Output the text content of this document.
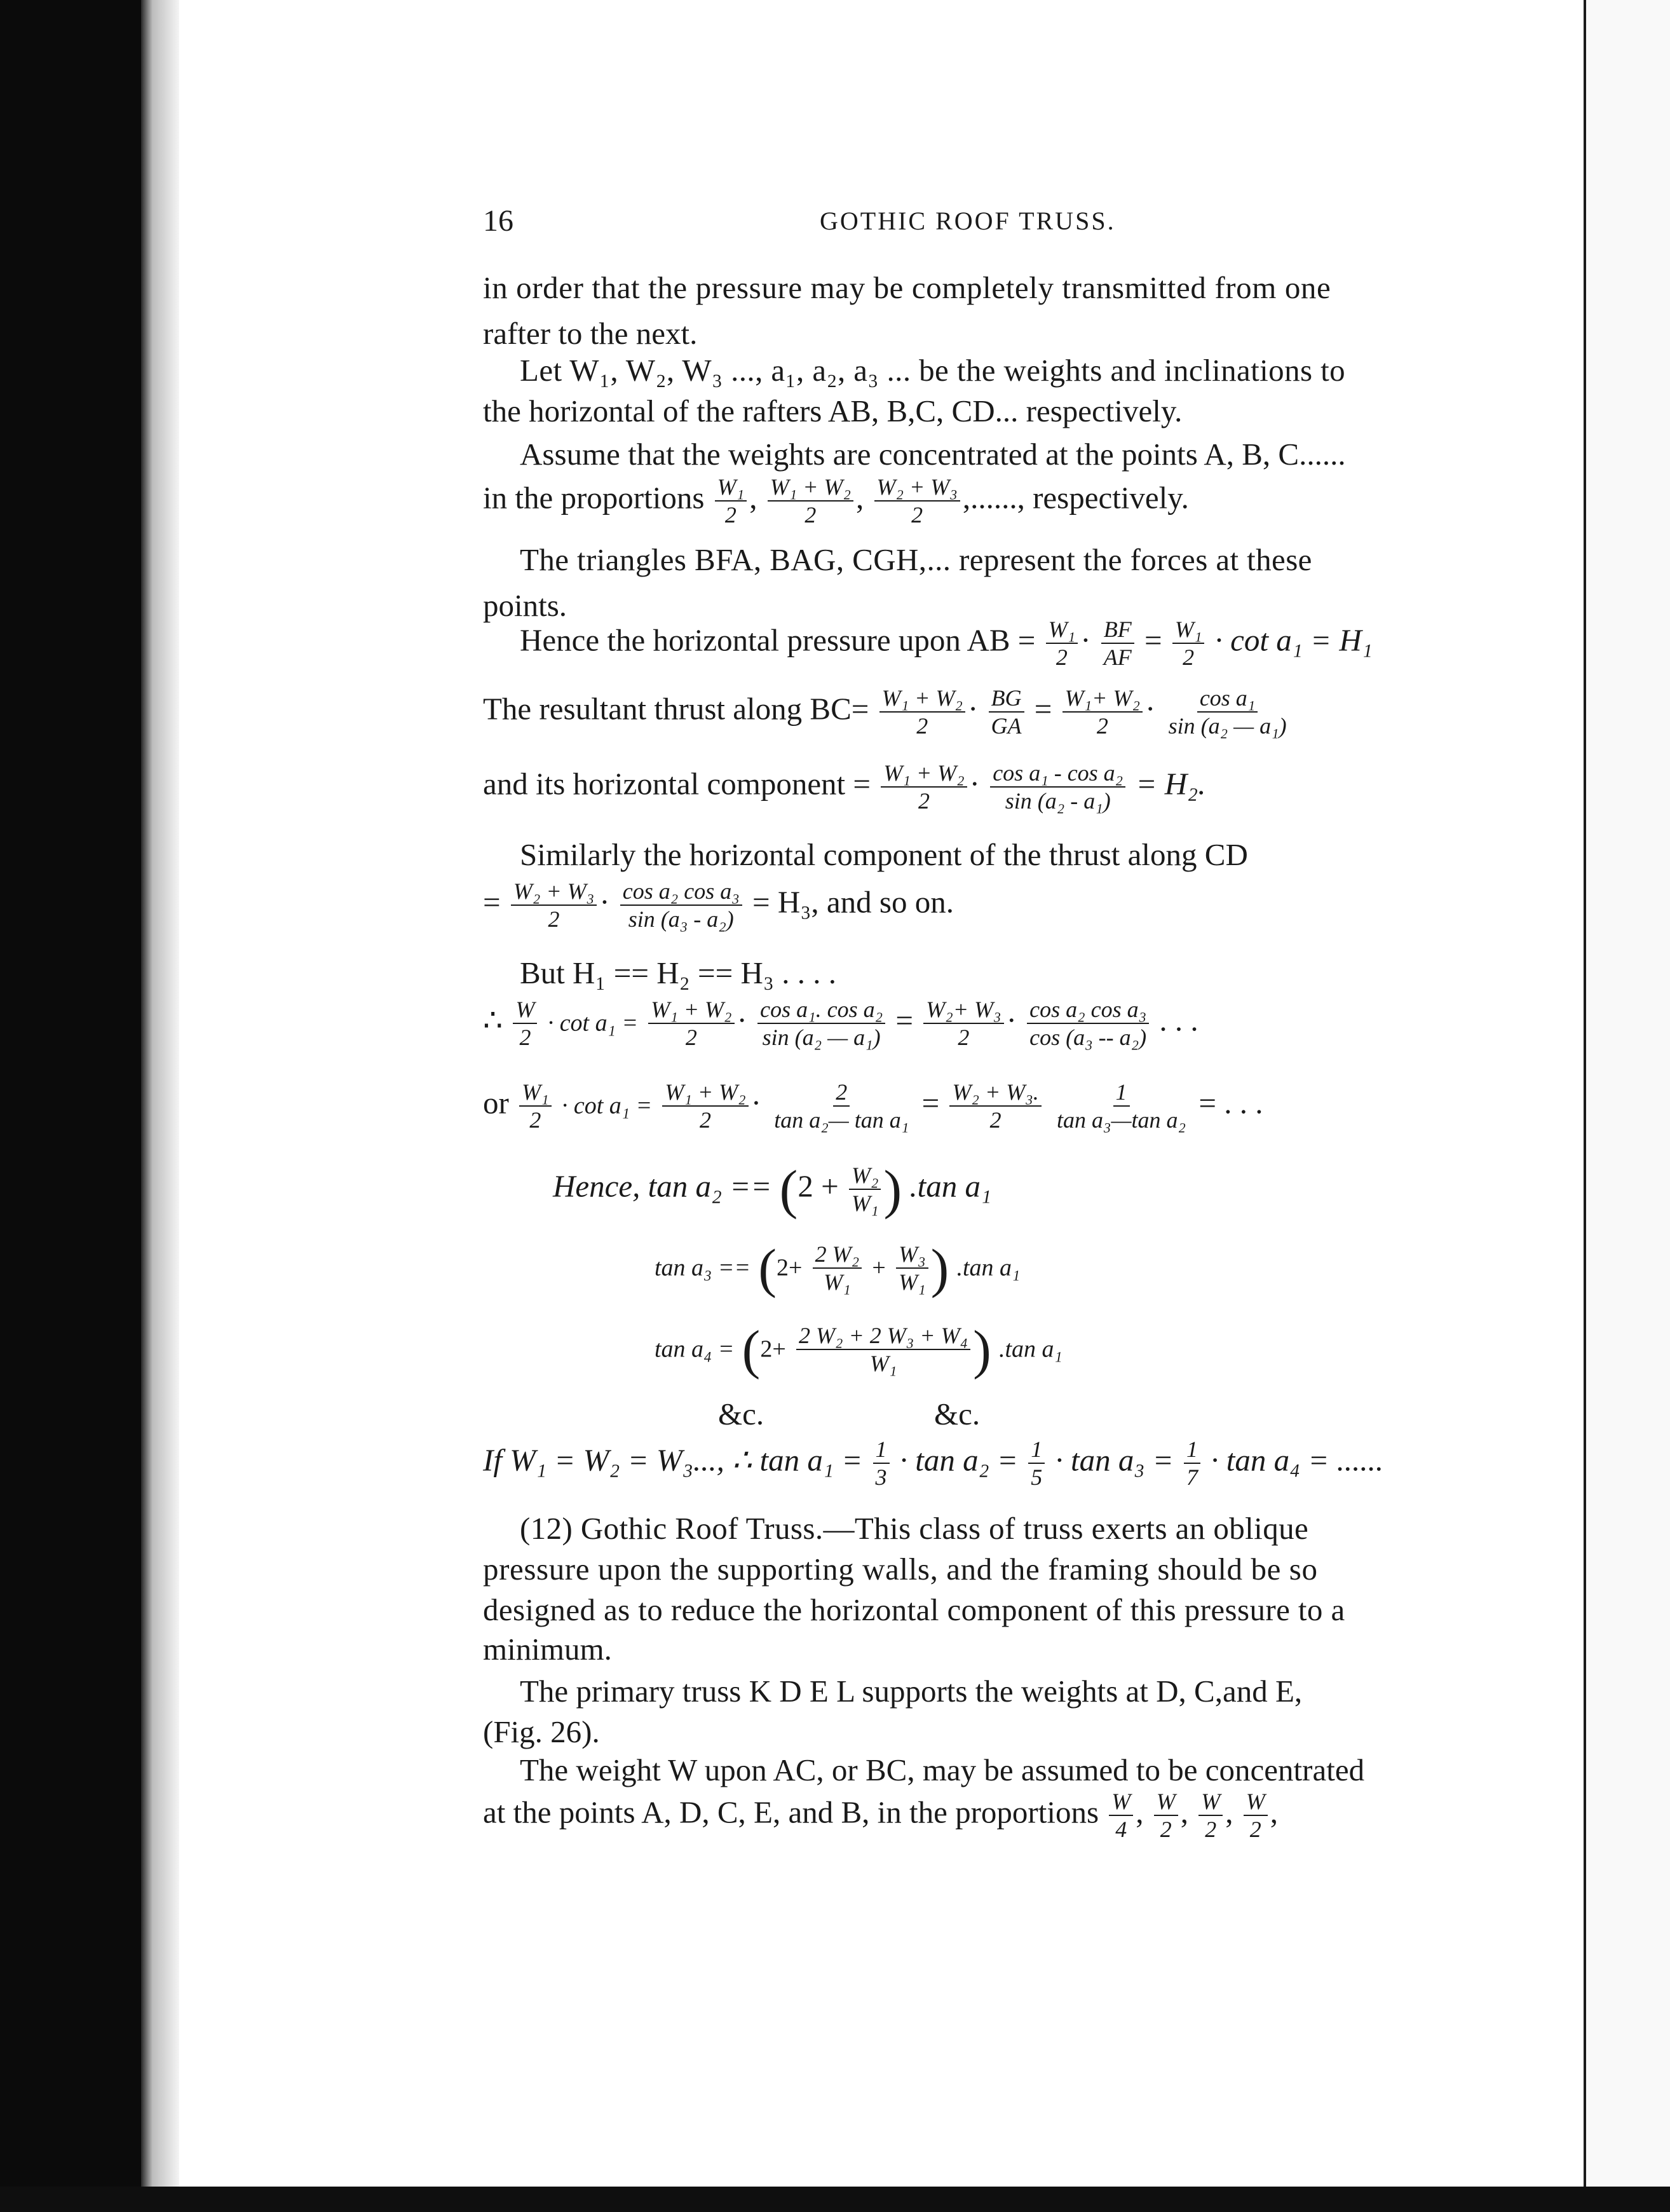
16	GOTHIC ROOF TRUSS.
in order that the pressure may be completely transmitted from one
rafter to the next.
Let W₁, W₂, W₃ ..., a₁, a₂, a₃ ... be the weights and inclinations to
the horizontal of the rafters AB, B,C, CD... respectively.
Assume that the weights are concentrated at the points A, B, C......
in the proportions $\frac{\text{W₁}}{2}$ , $\frac{\text{W₁ + W₂}}{2}$ , $\frac{\text{W₂ + W₃}}{2}$ ,......, respectively.
The triangles BFA, BAG, CGH,... represent the forces at these
points.
Hence the horizontal pressure upon AB = $\frac{\text{W₁}}{2} \cdot \frac{BF}{AF} = \frac{\text{W₁}}{2} \cdot \cot a_1 = H_1$
The resultant thrust along $BC= \frac{\text{W₁ + W₂}}{2} \cdot \frac{BG}{GA} = \frac{\text{W₁+ W₂}}{2} \cdot \frac{\text{cos a₁}}{\text{sin (a₂ — a₁)}}$
and its horizontal component = $\frac{\text{W₁ + W₂}}{2} \cdot \frac{\text{cos a₁ - cos a₂}}{\text{sin (a₂ - a₁)}} = H_2$.
Similarly the horizontal component of the thrust along CD
= $\frac{\text{W₂ + W₃}}{2} \cdot \frac{\text{cos a₂ cos a₃}}{\text{sin (a₃ - a₂)}} = H_3$, and so on.
But H₁ == H₂ == H₃ . . . .
∴ $\frac{W}{2} \cdot \cot a_1 = \frac{\text{W₁ + W₂}}{2} \cdot \frac{\text{cos a₁. cos a₂}}{\text{sin (a₂ — a₁)}} = \frac{\text{W₂+ W₃}}{2} \cdot \frac{\text{cos a₂ cos a₃}}{\text{cos (a₃ -- a₂)}}$ . . .
or $\frac{\text{W₁}}{2} \cdot \cot a_1 = \frac{\text{W₁ + W₂}}{2} \cdot \frac{2}{\text{tan a₂— tan a₁}} = \frac{\text{W₂ + W₃.}}{2}$
$\frac{1}{\text{tan a₃—tan a₂}}$ = . . .
Hence, $\tan a_2 == (2 + \frac{\text{W₂}}{\text{W₁}}$ ) .tan a₁
$\tan a_3 == (2+ \frac{\text{2 W₂}}{\text{W₁}} + \frac{\text{W₃}}{\text{W₁}}$ ) .tan a₁
$\tan a_4 = (2+ \frac{\text{2 W₂ + 2 W₃ + W₄}}{\text{W₁}}$ ) .tan a₁
&c.	&c.
If W₁ = W₂ = W₃..., ∴ $\tan a_1 = \frac{1}{3} \cdot \tan a_2 = \frac{1}{5} \cdot \tan a_3 = \frac{1}{7} \cdot \tan a_4$ = ......
(12) Gothic Roof Truss.—This class of truss exerts an oblique
pressure upon the supporting walls, and the framing should be so
designed as to reduce the horizontal component of this pressure to a
minimum.
The primary truss K D E L supports the weights at D, C,and E,
(Fig. 26).
The weight W upon AC, or BC, may be assumed to be concentrated
at the points A, D, C, E, and B, in the proportions $\frac{W}{4}$ , $\frac{W}{2}$ , $\frac{W}{2}$ , $\frac{W}{2}$ ,
